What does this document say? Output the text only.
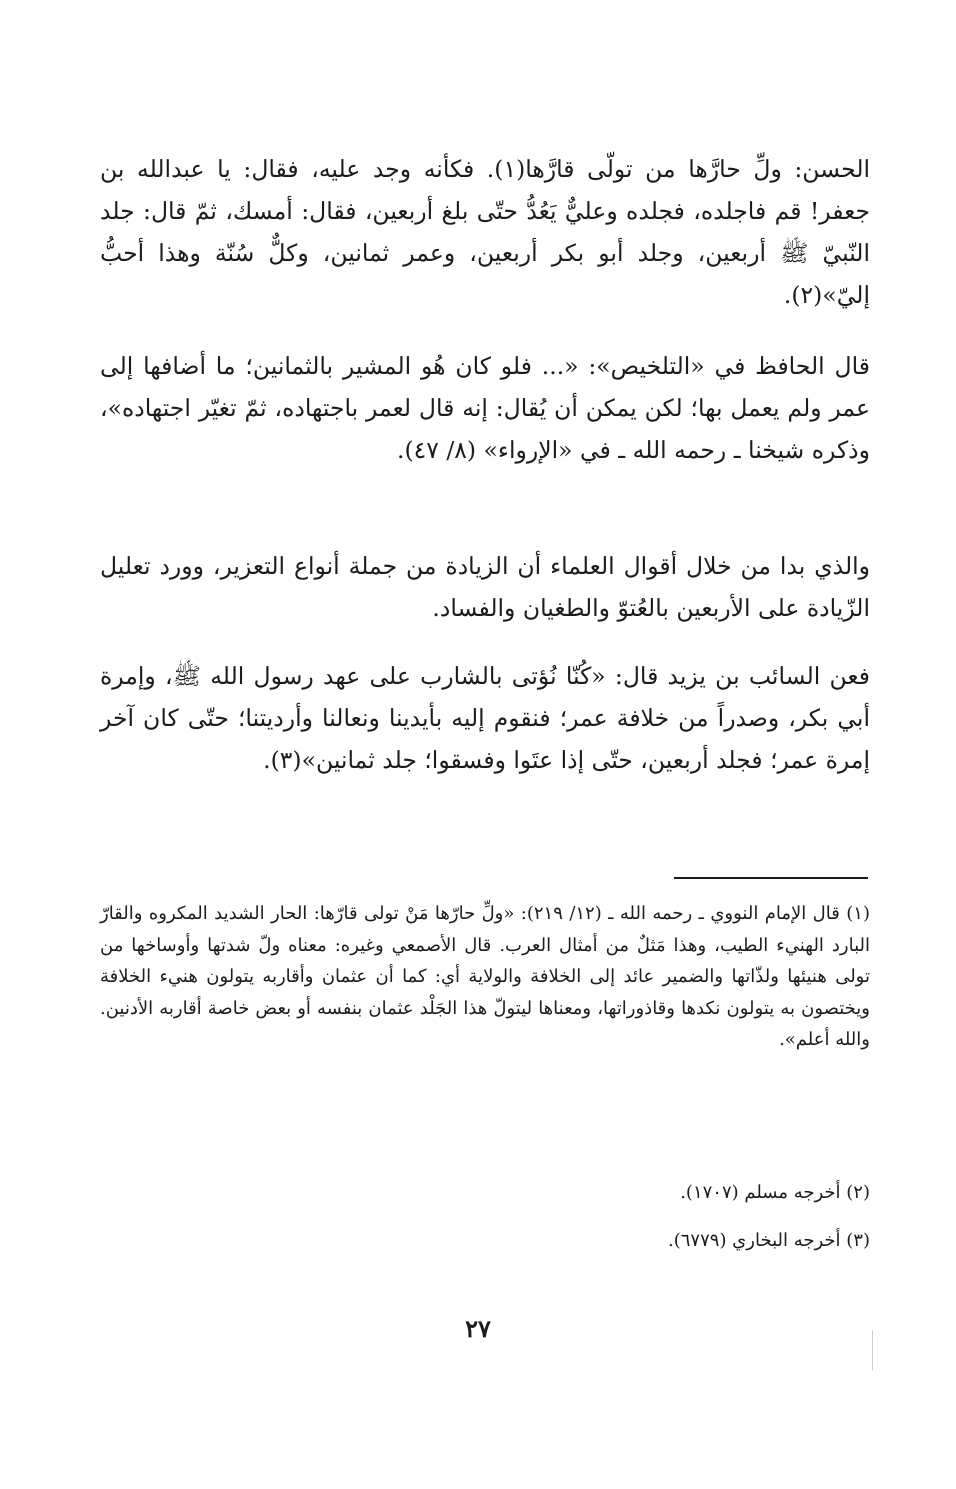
الحسن: ولِّ حارَّها من تولّى قارَّها(١). فكأنه وجد عليه، فقال: يا عبدالله بن جعفر! قم فاجلده، فجلده وعليٌّ يَعُدُّ حتّى بلغ أربعين، فقال: أمسك، ثمّ قال: جلد النّبيّ ﷺ أربعين، وجلد أبو بكر أربعين، وعمر ثمانين، وكلٌّ سُنّة وهذا أحبُّ إليّ»(٢).

قال الحافظ في «التلخيص»: «... فلو كان هُو المشير بالثمانين؛ ما أضافها إلى عمر ولم يعمل بها؛ لكن يمكن أن يُقال: إنه قال لعمر باجتهاده، ثمّ تغيّر اجتهاده»، وذكره شيخنا ـ رحمه الله ـ في «الإرواء» (٨/ ٤٧).

والذي بدا من خلال أقوال العلماء أن الزيادة من جملة أنواع التعزير، وورد تعليل الزّيادة على الأربعين بالعُتوّ والطغيان والفساد.

فعن السائب بن يزيد قال: «كُنّا نُؤتى بالشارب على عهد رسول الله ﷺ، وإمرة أبي بكر، وصدراً من خلافة عمر؛ فنقوم إليه بأيدينا ونعالنا وأرديتنا؛ حتّى كان آخر إمرة عمر؛ فجلد أربعين، حتّى إذا عتَوا وفسقوا؛ جلد ثمانين»(٣).

(١) قال الإمام النووي ـ رحمه الله ـ (١٢/ ٢١٩): «ولِّ حارّها مَنْ تولى قارّها: الحار الشديد المكروه والقارّ البارد الهنيء الطيب، وهذا مَثلٌ من أمثال العرب. قال الأصمعي وغيره: معناه ولّ شدتها وأوساخها من تولى هنيئها ولذّاتها والضمير عائد إلى الخلافة والولاية أي: كما أن عثمان وأقاربه يتولون هنيء الخلافة ويختصون به يتولون نكدها وقاذوراتها، ومعناها ليتولّ هذا الجَلْد عثمان بنفسه أو بعض خاصة أقاربه الأدنين. والله أعلم».

(٢) أخرجه مسلم (١٧٠٧).
(٣) أخرجه البخاري (٦٧٧٩).
٢٧
